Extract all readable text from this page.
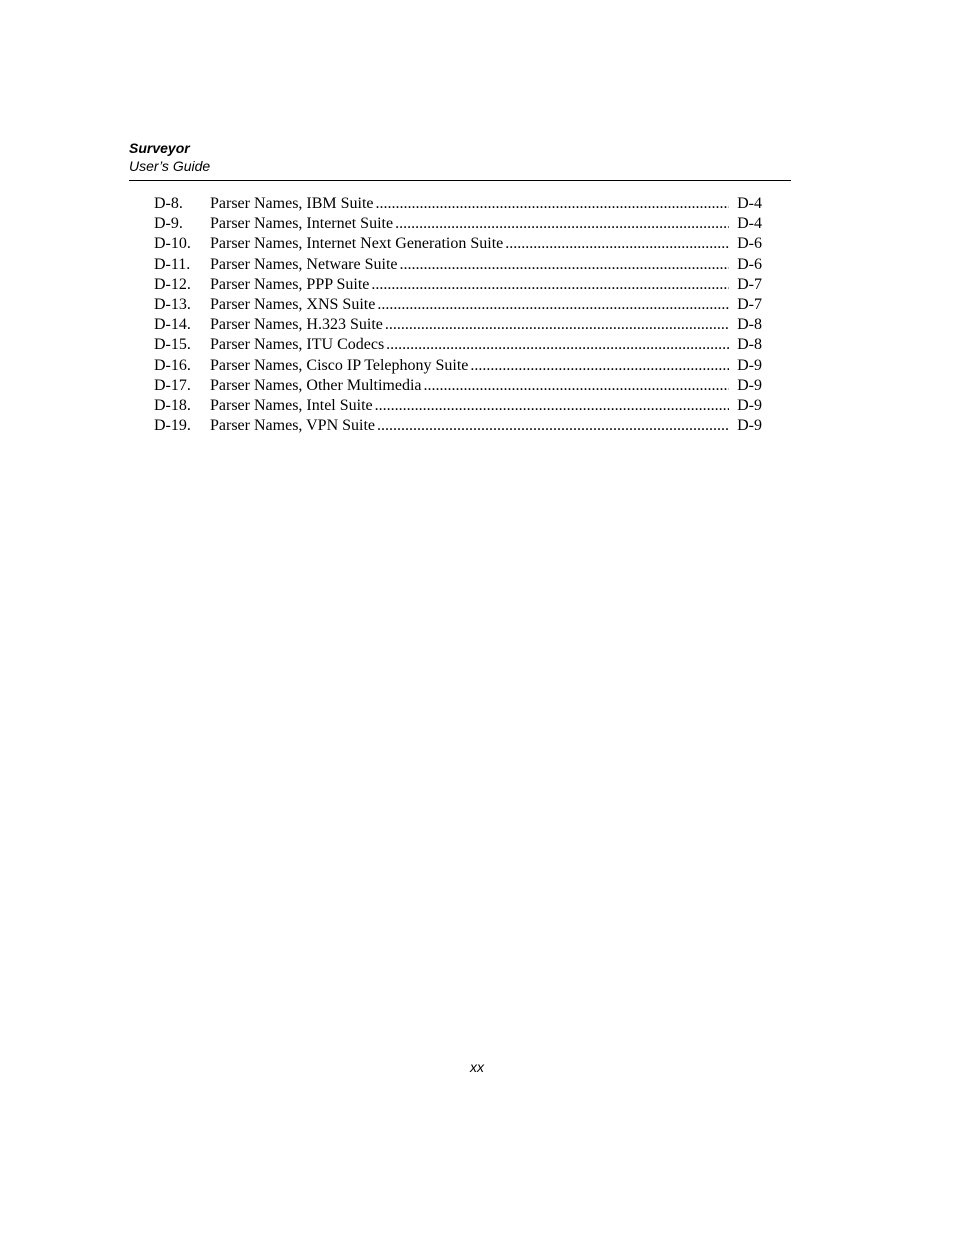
Surveyor
User’s Guide
D-8.	Parser Names, IBM Suite .....	D-4
D-9.	Parser Names, Internet Suite .....	D-4
D-10.	Parser Names, Internet Next Generation Suite .....	D-6
D-11.	Parser Names, Netware Suite .....	D-6
D-12.	Parser Names, PPP Suite .....	D-7
D-13.	Parser Names, XNS Suite .....	D-7
D-14.	Parser Names, H.323 Suite .....	D-8
D-15.	Parser Names, ITU Codecs .....	D-8
D-16.	Parser Names, Cisco IP Telephony Suite .....	D-9
D-17.	Parser Names, Other Multimedia .....	D-9
D-18.	Parser Names, Intel Suite .....	D-9
D-19.	Parser Names, VPN Suite .....	D-9
xx
